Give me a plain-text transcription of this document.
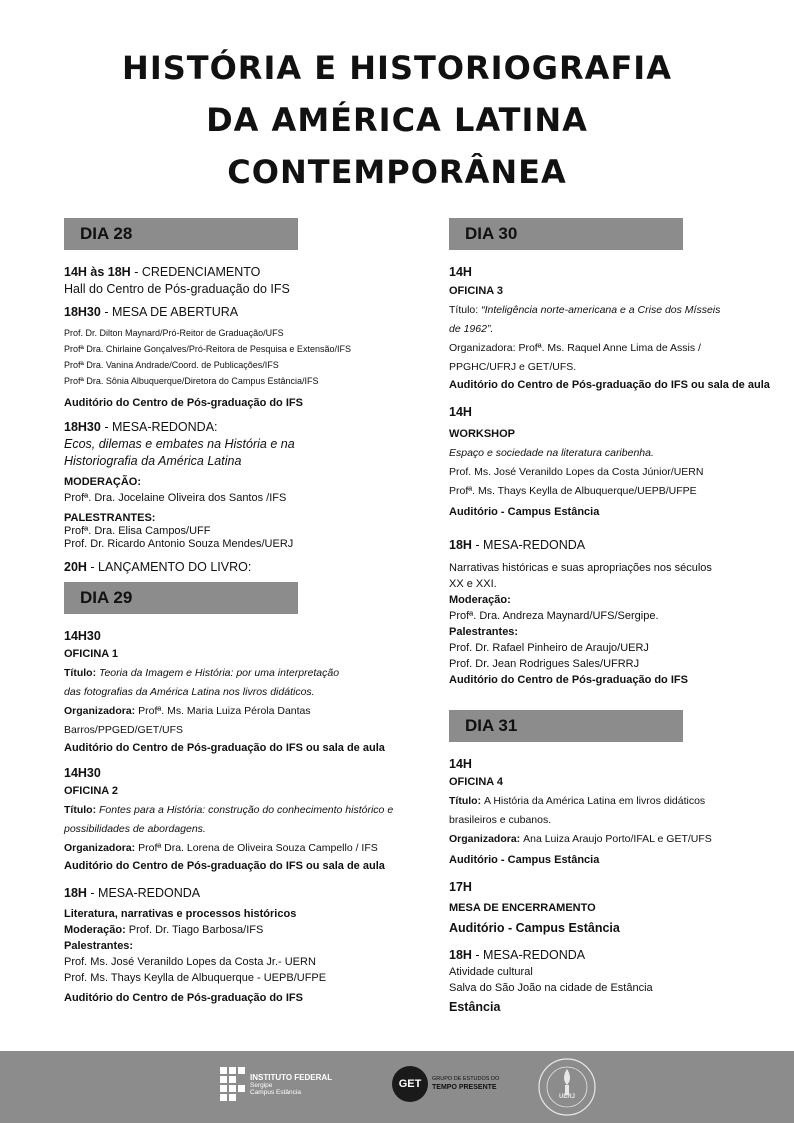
HISTÓRIA E HISTORIOGRAFIA
DA AMÉRICA LATINA
CONTEMPORÂNEA
DIA 28
14H às 18H - CREDENCIAMENTO
Hall do Centro de Pós-graduação do IFS
18H30 - MESA DE ABERTURA
Prof. Dr. Dilton Maynard/Pró-Reitor de Graduação/UFS
Profª Dra. Chirlaine Gonçalves/Pró-Reitora de Pesquisa e Extensão/IFS
Profª Dra. Vanina Andrade/Coord. de Publicações/IFS
Profª Dra. Sônia Albuquerque/Diretora do Campus Estância/IFS
Auditório do Centro de Pós-graduação do IFS
18H30 - MESA-REDONDA:
Ecos, dilemas e embates na História e na
Historiografia da América Latina
MODERAÇÃO:
Profª. Dra. Jocelaine Oliveira dos Santos /IFS
PALESTRANTES:
Profª. Dra. Elisa Campos/UFF
Prof. Dr. Ricardo Antonio Souza Mendes/UERJ
20H - LANÇAMENTO DO LIVRO:
DIA 29
14H30
OFICINA 1
Título: Teoria da Imagem e História: por uma interpretação
das fotografias da América Latina nos livros didáticos.
Organizadora: Profª. Ms. Maria Luiza Pérola Dantas
Barros/PPGED/GET/UFS
Auditório do Centro de Pós-graduação do IFS ou sala de aula
14H30
OFICINA 2
Título: Fontes para a História: construção do conhecimento histórico e
possibilidades de abordagens.
Organizadora: Profª Dra. Lorena de Oliveira Souza Campello / IFS
Auditório do Centro de Pós-graduação do IFS ou sala de aula
18H - MESA-REDONDA
Literatura, narrativas e processos históricos
Moderação: Prof. Dr. Tiago Barbosa/IFS
Palestrantes:
Prof. Ms. José Veranildo Lopes da Costa Jr.- UERN
Prof. Ms. Thays Keylla de Albuquerque - UEPB/UFPE
Auditório do Centro de Pós-graduação do IFS
DIA 30
14H
OFICINA 3
Título: “Inteligência norte-americana e a Crise dos Mísseis
de 1962”.
Organizadora: Profª. Ms. Raquel Anne Lima de Assis /
PPGHC/UFRJ e GET/UFS.
Auditório do Centro de Pós-graduação do IFS ou sala de aula
14H
WORKSHOP
Espaço e sociedade na literatura caribenha.
Prof. Ms. José Veranildo Lopes da Costa Júnior/UERN
Profª. Ms. Thays Keylla de Albuquerque/UEPB/UFPE
Auditório - Campus Estância
18H - MESA-REDONDA
Narrativas históricas e suas apropriações nos séculos
XX e XXI.
Moderação:
Profª. Dra. Andreza Maynard/UFS/Sergipe.
Palestrantes:
Prof. Dr. Rafael Pinheiro de Araujo/UERJ
Prof. Dr. Jean Rodrigues Sales/UFRRJ
Auditório do Centro de Pós-graduação do IFS
DIA 31
14H
OFICINA 4
Título: A História da América Latina em livros didáticos
brasileiros e cubanos.
Organizadora: Ana Luiza Araujo Porto/IFAL e GET/UFS
Auditório - Campus Estância
17H
MESA DE ENCERRAMENTO
Auditório - Campus Estância
18H - MESA-REDONDA
Atividade cultural
Salva do São João na cidade de Estância
Estância
INSTITUTO FEDERAL
Sergipe
Campus Estância
GET	GRUPO DE ESTUDOS DO
TEMPO PRESENTE
UERJ
